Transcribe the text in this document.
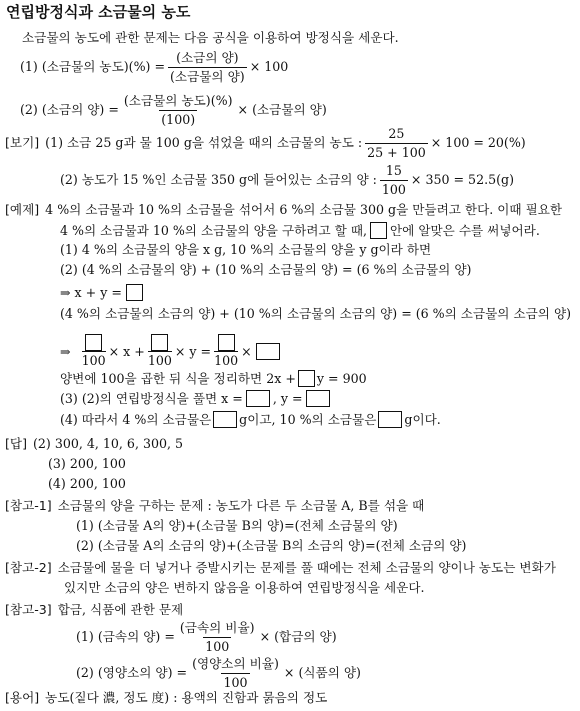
연립방정식과 소금물의 농도
소금물의 농도에 관한 문제는 다음 공식을 이용하여 방정식을 세운다.
(1) (소금물의 농도)(%) = $\frac{\text{(소금의 양)}}{\text{(소금물의 양)}} \times 100$
(2) (소금의 양) = $\frac{\text{(소금물의 농도)(\%)}}{(100)}$ × (소금물의 양)
[보기] (1) 소금 25 g과 물 100 g을 섞었을 때의 소금물의 농도 : $\frac{25}{25 + 100} \times 100 = 20(\%)$
(2) 농도가 15 %인 소금물 350 g에 들어있는 소금의 양 : $\frac{15}{100} \times 350 = 52.5(g)$
[예제] 4 %의 소금물과 10 %의 소금물을 섞어서 6 %의 소금물 300 g을 만들려고 한다. 이때 필요한
4 %의 소금물과 10 %의 소금물의 양을 구하려고 할 때, 안에 알맞은 수를 써넣어라.
(1) 4 %의 소금물의 양을 x g, 10 %의 소금물의 양을 y g이라 하면
(2) (4 %의 소금물의 양) + (10 %의 소금물의 양) = (6 %의 소금물의 양)
⇒ x + y =
(4 %의 소금물의 소금의 양) + (10 %의 소금물의 소금의 양) = (6 %의 소금물의 소금의 양)
⇒
100
× x +
100
× y =
100
×
양변에 100을 곱한 뒤 식을 정리하면 2x + y = 900
(3) (2)의 연립방정식을 풀면 x = , y =
(4) 따라서 4 %의 소금물은 g이고, 10 %의 소금물은 g이다.
[답] (2) 300, 4, 10, 6, 300, 5
(3) 200, 100
(4) 200, 100
[참고-1] 소금물의 양을 구하는 문제 : 농도가 다른 두 소금물 A, B를 섞을 때
(1) (소금물 A의 양)+(소금물 B의 양)=(전체 소금물의 양)
(2) (소금물 A의 소금의 양)+(소금물 B의 소금의 양)=(전체 소금의 양)
[참고-2] 소금물에 물을 더 넣거나 증발시키는 문제를 풀 때에는 전체 소금물의 양이나 농도는 변화가
있지만 소금의 양은 변하지 않음을 이용하여 연립방정식을 세운다.
[참고-3] 합금, 식품에 관한 문제
(1) (금속의 양) = $\frac{\text{(금속의 비율)}}{100}$ × (합금의 양)
(2) (영양소의 양) = $\frac{\text{(영양소의 비율)}}{100}$ × (식품의 양)
[용어] 농도(짙다 濃, 정도 度) : 용액의 진함과 묽음의 정도
